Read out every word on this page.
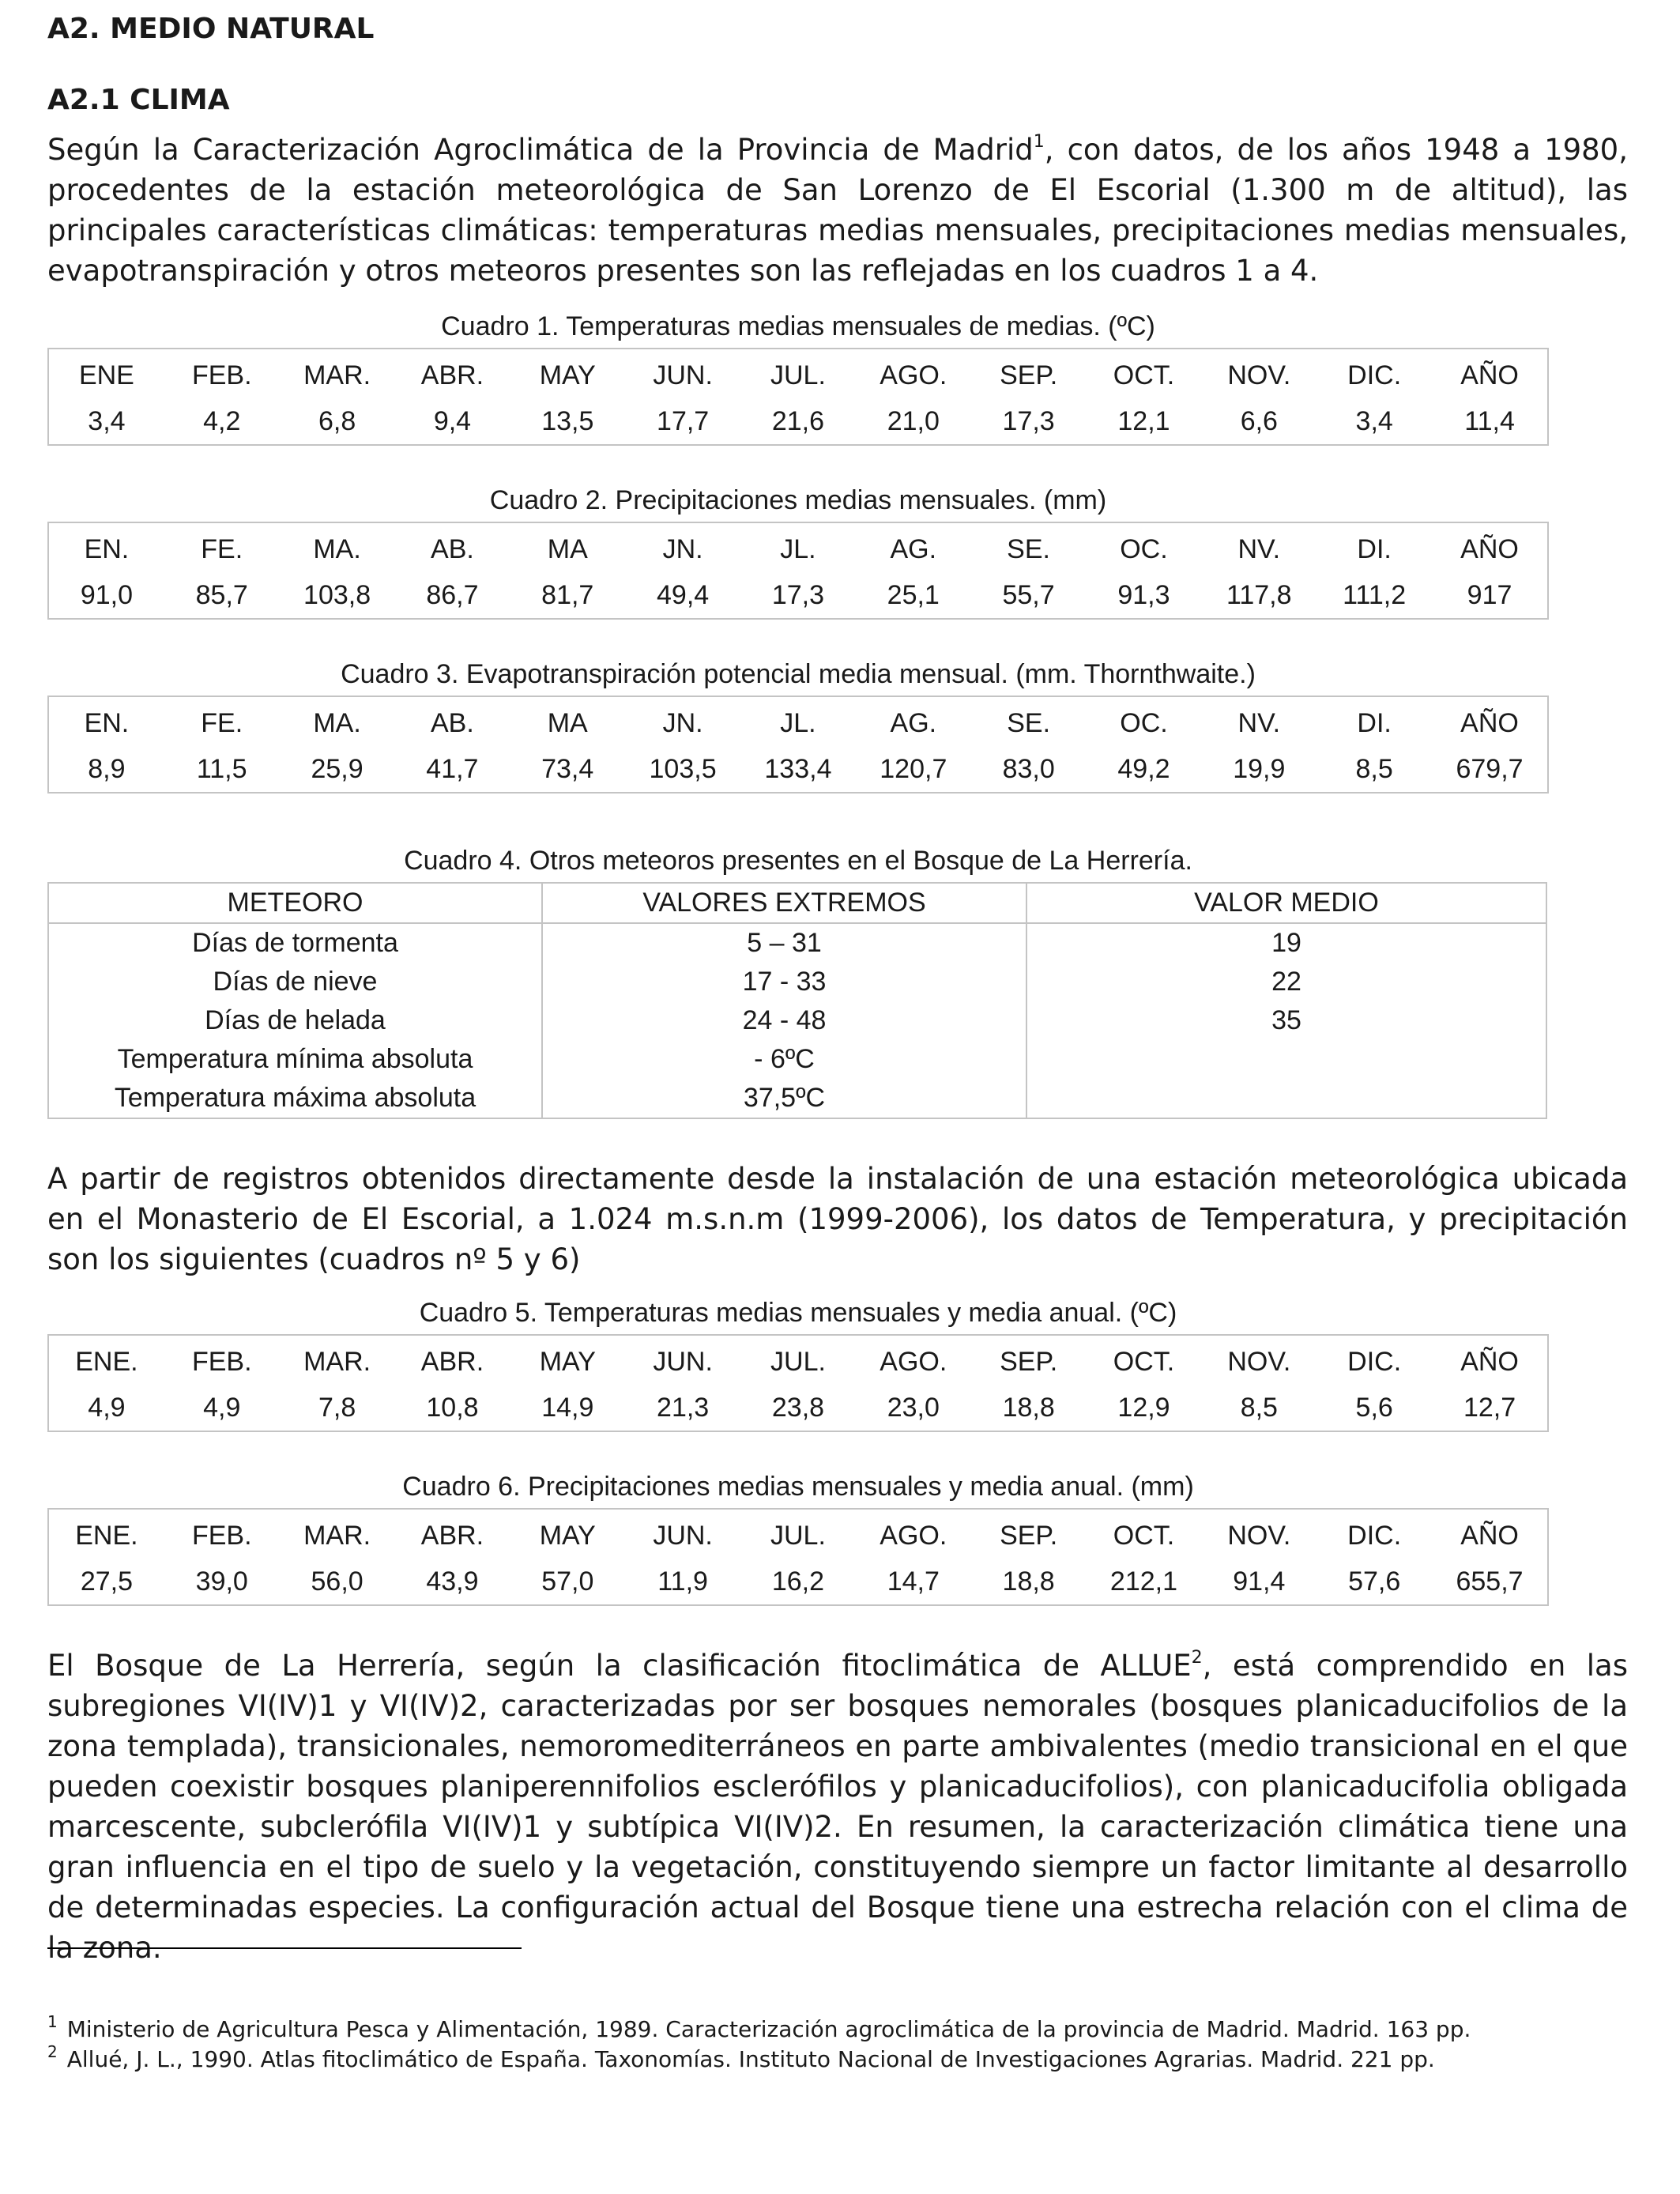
A2. MEDIO NATURAL
A2.1 CLIMA

Según la Caracterización Agroclimática de la Provincia de Madrid$^1$, con datos, de los años 1948 a 1980, procedentes de la estación meteorológica de San Lorenzo de El Escorial (1.300 m de altitud), las principales características climáticas: temperaturas medias mensuales, precipitaciones medias mensuales, evapotranspiración y otros meteoros presentes son las reflejadas en los cuadros 1 a 4.

Cuadro 1. Temperaturas medias mensuales de medias. (ºC)
ENE	FEB.	MAR.	ABR.	MAY	JUN.	JUL.	AGO.	SEP.	OCT.	NOV.	DIC.	AÑO
3,4	4,2	6,8	9,4	13,5	17,7	21,6	21,0	17,3	12,1	6,6	3,4	11,4
Cuadro 2. Precipitaciones medias mensuales. (mm)
EN.	FE.	MA.	AB.	MA	JN.	JL.	AG.	SE.	OC.	NV.	DI.	AÑO
91,0	85,7	103,8	86,7	81,7	49,4	17,3	25,1	55,7	91,3	117,8	111,2	917
Cuadro 3. Evapotranspiración potencial media mensual. (mm. Thornthwaite.)
EN.	FE.	MA.	AB.	MA	JN.	JL.	AG.	SE.	OC.	NV.	DI.	AÑO
8,9	11,5	25,9	41,7	73,4	103,5	133,4	120,7	83,0	49,2	19,9	8,5	679,7
Cuadro 4. Otros meteoros presentes en el Bosque de La Herrería.
METEORO	VALORES EXTREMOS	VALOR MEDIO
Días de tormenta	5 – 31	19
Días de nieve	17 - 33	22
Días de helada	24 - 48	35
Temperatura mínima absoluta	- 6ºC	
Temperatura máxima absoluta	37,5ºC	

A partir de registros obtenidos directamente desde la instalación de una estación meteorológica ubicada en el Monasterio de El Escorial, a 1.024 m.s.n.m (1999-2006), los datos de Temperatura, y precipitación son los siguientes (cuadros nº 5 y 6)

Cuadro 5. Temperaturas medias mensuales y media anual. (ºC)
ENE.	FEB.	MAR.	ABR.	MAY	JUN.	JUL.	AGO.	SEP.	OCT.	NOV.	DIC.	AÑO
4,9	4,9	7,8	10,8	14,9	21,3	23,8	23,0	18,8	12,9	8,5	5,6	12,7
Cuadro 6. Precipitaciones medias mensuales y media anual. (mm)
ENE.	FEB.	MAR.	ABR.	MAY	JUN.	JUL.	AGO.	SEP.	OCT.	NOV.	DIC.	AÑO
27,5	39,0	56,0	43,9	57,0	11,9	16,2	14,7	18,8	212,1	91,4	57,6	655,7

El Bosque de La Herrería, según la clasificación fitoclimática de ALLUE$^2$, está comprendido en las subregiones VI(IV)1 y VI(IV)2, caracterizadas por ser bosques nemorales (bosques planicaducifolios de la zona templada), transicionales, nemoromediterráneos en parte ambivalentes (medio transicional en el que pueden coexistir bosques planiperennifolios esclerófilos y planicaducifolios), con planicaducifolia obligada marcescente, subclerófila VI(IV)1 y subtípica VI(IV)2. En resumen, la caracterización climática tiene una gran influencia en el tipo de suelo y la vegetación, constituyendo siempre un factor limitante al desarrollo de determinadas especies. La configuración actual del Bosque tiene una estrecha relación con el clima de la zona.

$^1$ Ministerio de Agricultura Pesca y Alimentación, 1989. Caracterización agroclimática de la provincia de Madrid. Madrid. 163 pp.
$^2$ Allué, J. L., 1990. Atlas fitoclimático de España. Taxonomías. Instituto Nacional de Investigaciones Agrarias. Madrid. 221 pp.
